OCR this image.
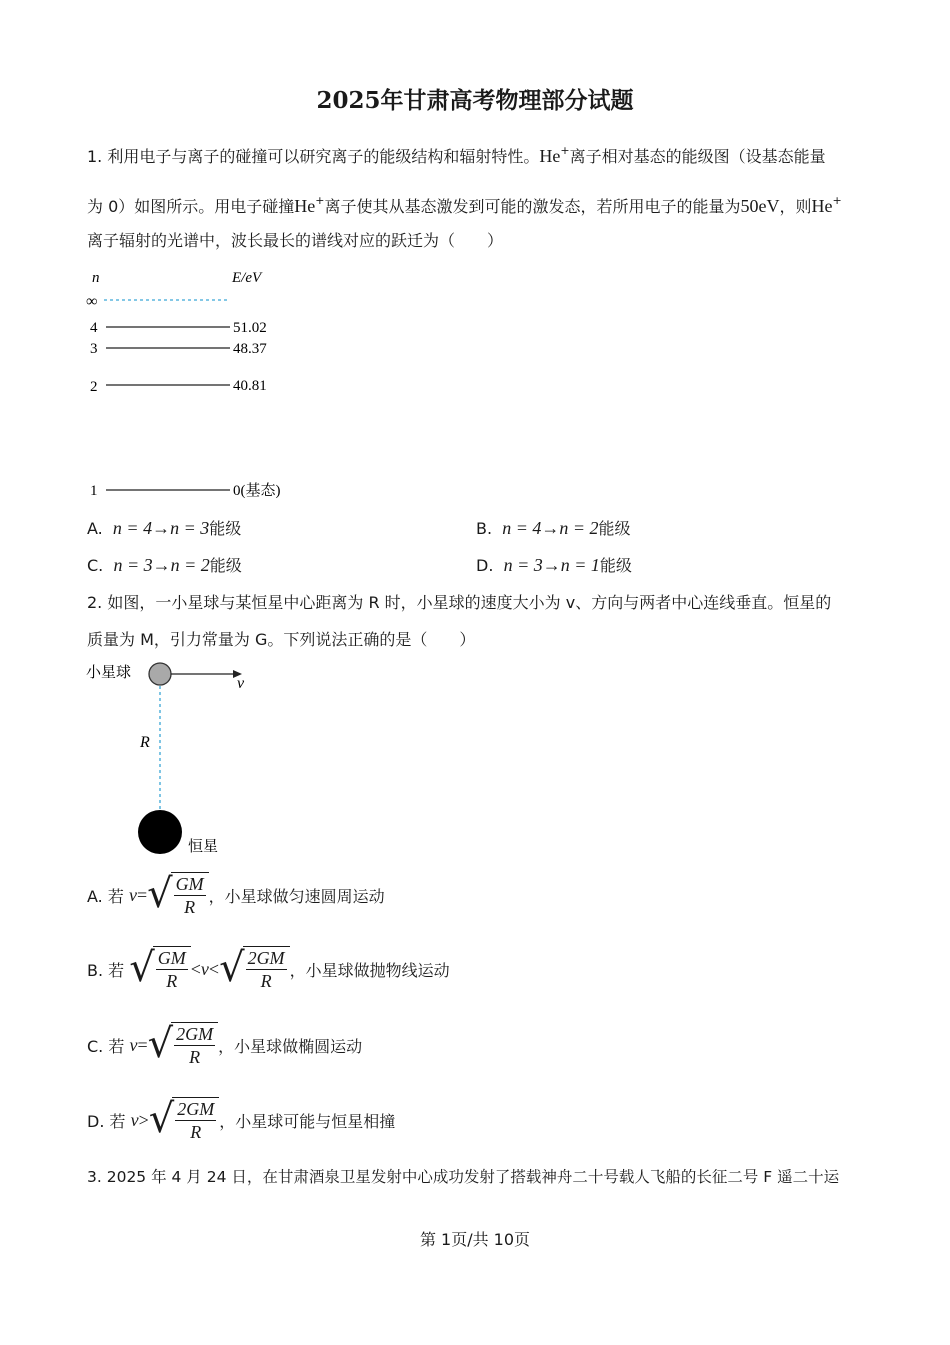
2025年甘肃高考物理部分试题
1. 利用电子与离子的碰撞可以研究离子的能级结构和辐射特性。He+离子相对基态的能级图（设基态能量
为 0）如图所示。用电子碰撞He+离子使其从基态激发到可能的激发态，若所用电子的能量为50eV，则He+
离子辐射的光谱中，波长最长的谱线对应的跃迁为（　　）
n	E/eV
∞
4	51.02
3	48.37
2	40.81
1	0(基态)
A. n = 4→n = 3能级	B. n = 4→n = 2能级
C. n = 3→n = 2能级	D. n = 3→n = 1能级
2. 如图，一小星球与某恒星中心距离为 R 时，小星球的速度大小为 v、方向与两者中心连线垂直。恒星的
质量为 M，引力常量为 G。下列说法正确的是（　　）
小星球
v
R
恒星
A. 若
v = √
$\frac{GM}{R}$ ，小星球做匀速圆周运动
B. 若
√
$\frac{GM}{R} < v$ < √
$\frac{2GM}{R}$ ，小星球做抛物线运动
C. 若
v = √
$\frac{2GM}{R}$ ，小星球做椭圆运动
D. 若
v > √
$\frac{2GM}{R}$ ，小星球可能与恒星相撞
3. 2025 年 4 月 24 日，在甘肃酒泉卫星发射中心成功发射了搭载神舟二十号载人飞船的长征二号 F 遥二十运
第 1页/共 10页
